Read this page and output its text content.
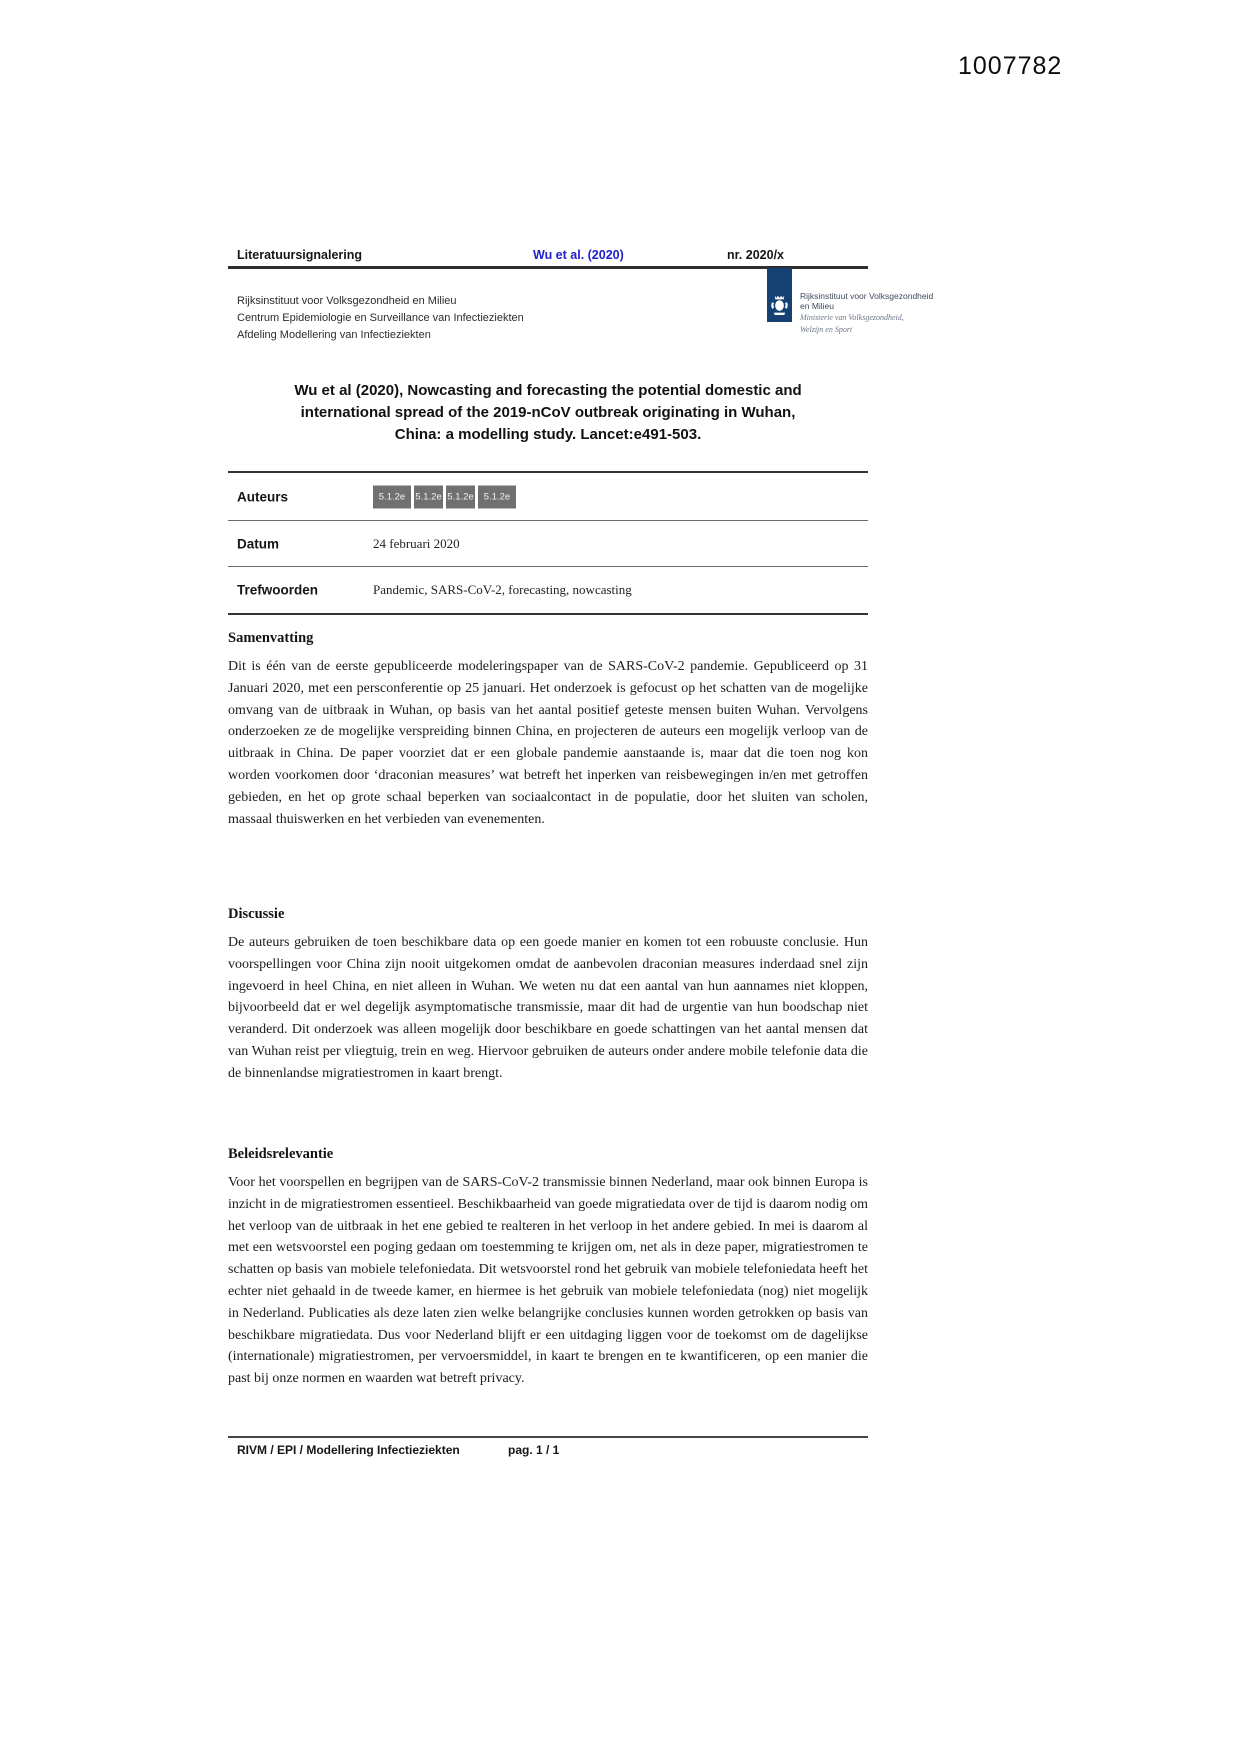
1007782
Literatuursignalering	Wu et al. (2020)	nr. 2020/x
Rijksinstituut voor Volksgezondheid en Milieu
Centrum Epidemiologie en Surveillance van Infectieziekten
Afdeling Modellering van Infectieziekten
Wu et al (2020), Nowcasting and forecasting the potential domestic and
international spread of the 2019-nCoV outbreak originating in Wuhan,
China: a modelling study. Lancet:e491-503.
Auteurs	5.1.2e	5.1.2e 5.1.2e	5.1.2e
Datum	24 februari 2020
Trefwoorden	Pandemic, SARS-CoV-2, forecasting, nowcasting
Samenvatting

Dit is één van de eerste gepubliceerde modeleringspaper van de SARS-CoV-2 pandemie. Gepubliceerd op 31 Januari 2020, met een persconferentie op 25 januari. Het onderzoek is gefocust op het schatten van de mogelijke omvang van de uitbraak in Wuhan, op basis van het aantal positief geteste mensen buiten Wuhan. Vervolgens onderzoeken ze de mogelijke verspreiding binnen China, en projecteren de auteurs een mogelijk verloop van de uitbraak in China. De paper voorziet dat er een globale pandemie aanstaande is, maar dat die toen nog kon worden voorkomen door ‘draconian measures’ wat betreft het inperken van reisbewegingen in/en met getroffen gebieden, en het op grote schaal beperken van sociaalcontact in de populatie, door het sluiten van scholen, massaal thuiswerken en het verbieden van evenementen.

Discussie

De auteurs gebruiken de toen beschikbare data op een goede manier en komen tot een robuuste conclusie. Hun voorspellingen voor China zijn nooit uitgekomen omdat de aanbevolen draconian measures inderdaad snel zijn ingevoerd in heel China, en niet alleen in Wuhan. We weten nu dat een aantal van hun aannames niet kloppen, bijvoorbeeld dat er wel degelijk asymptomatische transmissie, maar dit had de urgentie van hun boodschap niet veranderd. Dit onderzoek was alleen mogelijk door beschikbare en goede schattingen van het aantal mensen dat van Wuhan reist per vliegtuig, trein en weg. Hiervoor gebruiken de auteurs onder andere mobile telefonie data die de binnenlandse migratiestromen in kaart brengt.

Beleidsrelevantie

Voor het voorspellen en begrijpen van de SARS-CoV-2 transmissie binnen Nederland, maar ook binnen Europa is inzicht in de migratiestromen essentieel. Beschikbaarheid van goede migratiedata over de tijd is daarom nodig om het verloop van de uitbraak in het ene gebied te realteren in het verloop in het andere gebied. In mei is daarom al met een wetsvoorstel een poging gedaan om toestemming te krijgen om, net als in deze paper, migratiestromen te schatten op basis van mobiele telefoniedata. Dit wetsvoorstel rond het gebruik van mobiele telefoniedata heeft het echter niet gehaald in de tweede kamer, en hiermee is het gebruik van mobiele telefoniedata (nog) niet mogelijk in Nederland. Publicaties als deze laten zien welke belangrijke conclusies kunnen worden getrokken op basis van beschikbare migratiedata. Dus voor Nederland blijft er een uitdaging liggen voor de toekomst om de dagelijkse (internationale) migratiestromen, per vervoersmiddel, in kaart te brengen en te kwantificeren, op een manier die past bij onze normen en waarden wat betreft privacy.

RIVM / EPI / Modellering Infectieziekten	pag. 1 / 1
Rijksinstituut voor Volksgezondheid
en Milieu
Ministerie van Volksgezondheid,
Welzijn en Sport
